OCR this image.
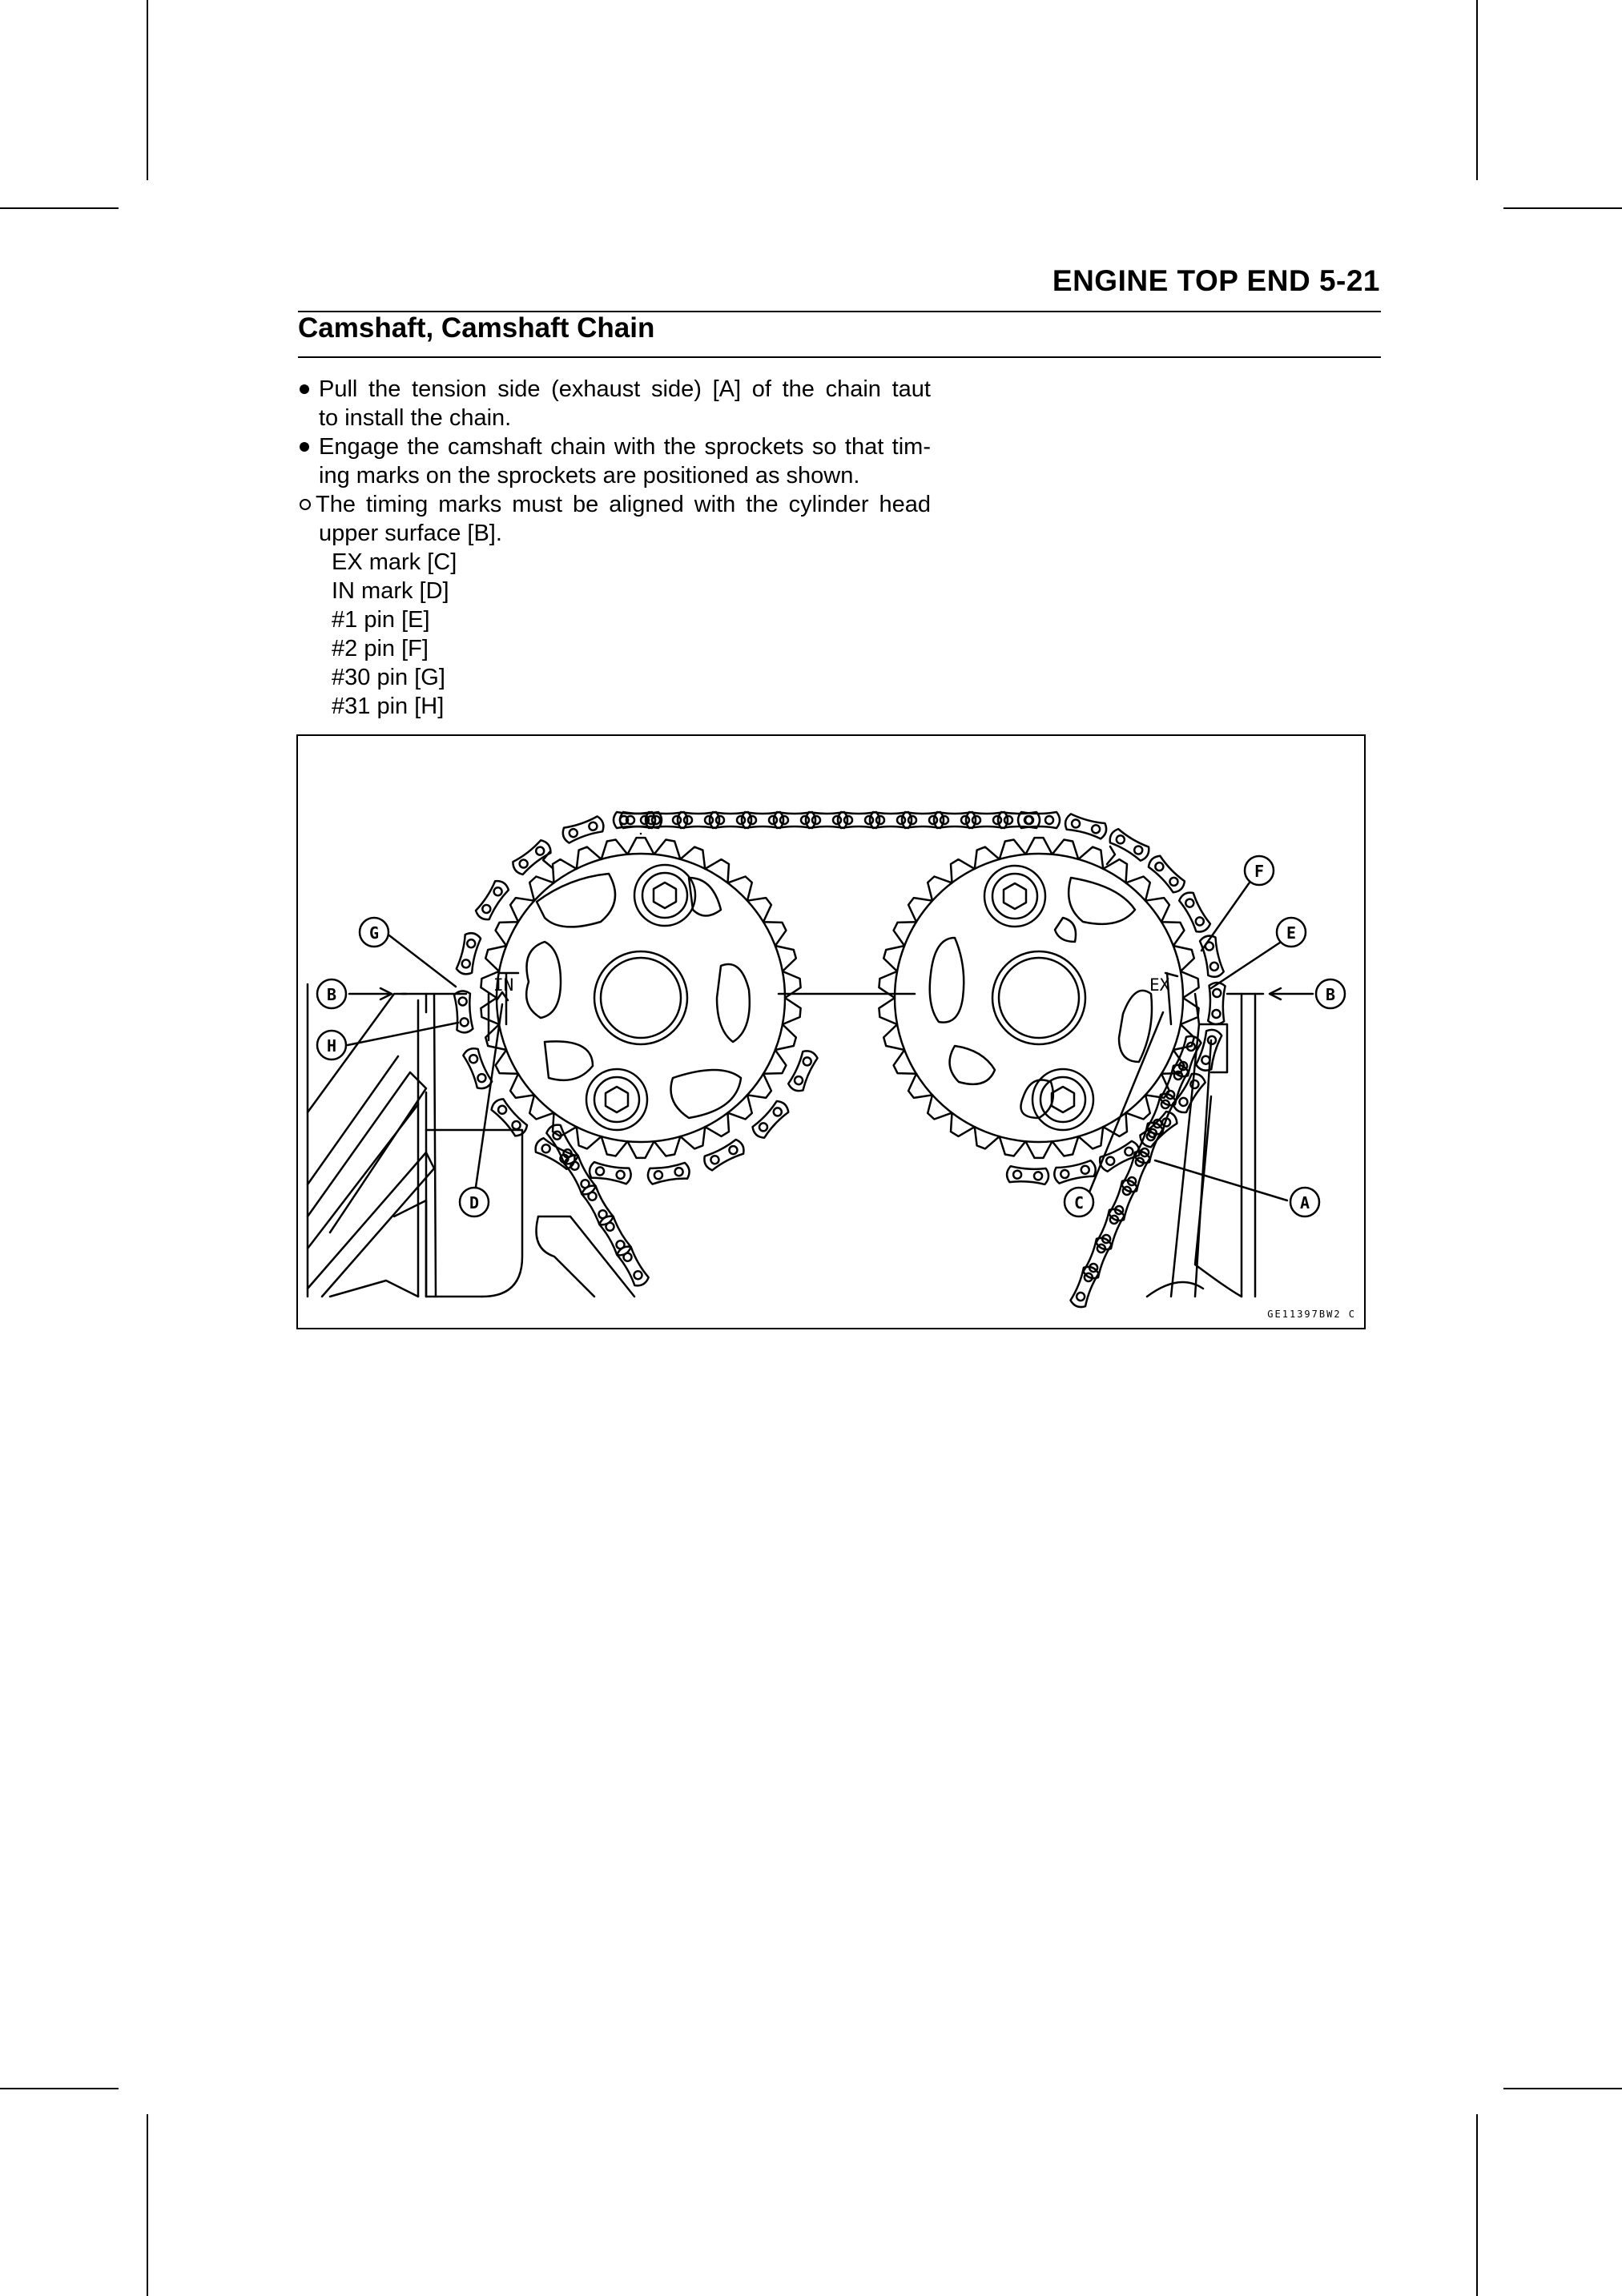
ENGINE TOP END 5-21
Camshaft, Camshaft Chain
Pull the tension side (exhaust side) [A] of the chain taut
to install the chain.
Engage the camshaft chain with the sprockets so that tim-
ing marks on the sprockets are positioned as shown.
The timing marks must be aligned with the cylinder head
upper surface [B].
EX mark [C]
IN mark [D]
#1 pin [E]
#2 pin [F]
#30 pin [G]
#31 pin [H]
IN	EX
G
B
H
D	C	A
F
E
B
GE11397BW2 C
